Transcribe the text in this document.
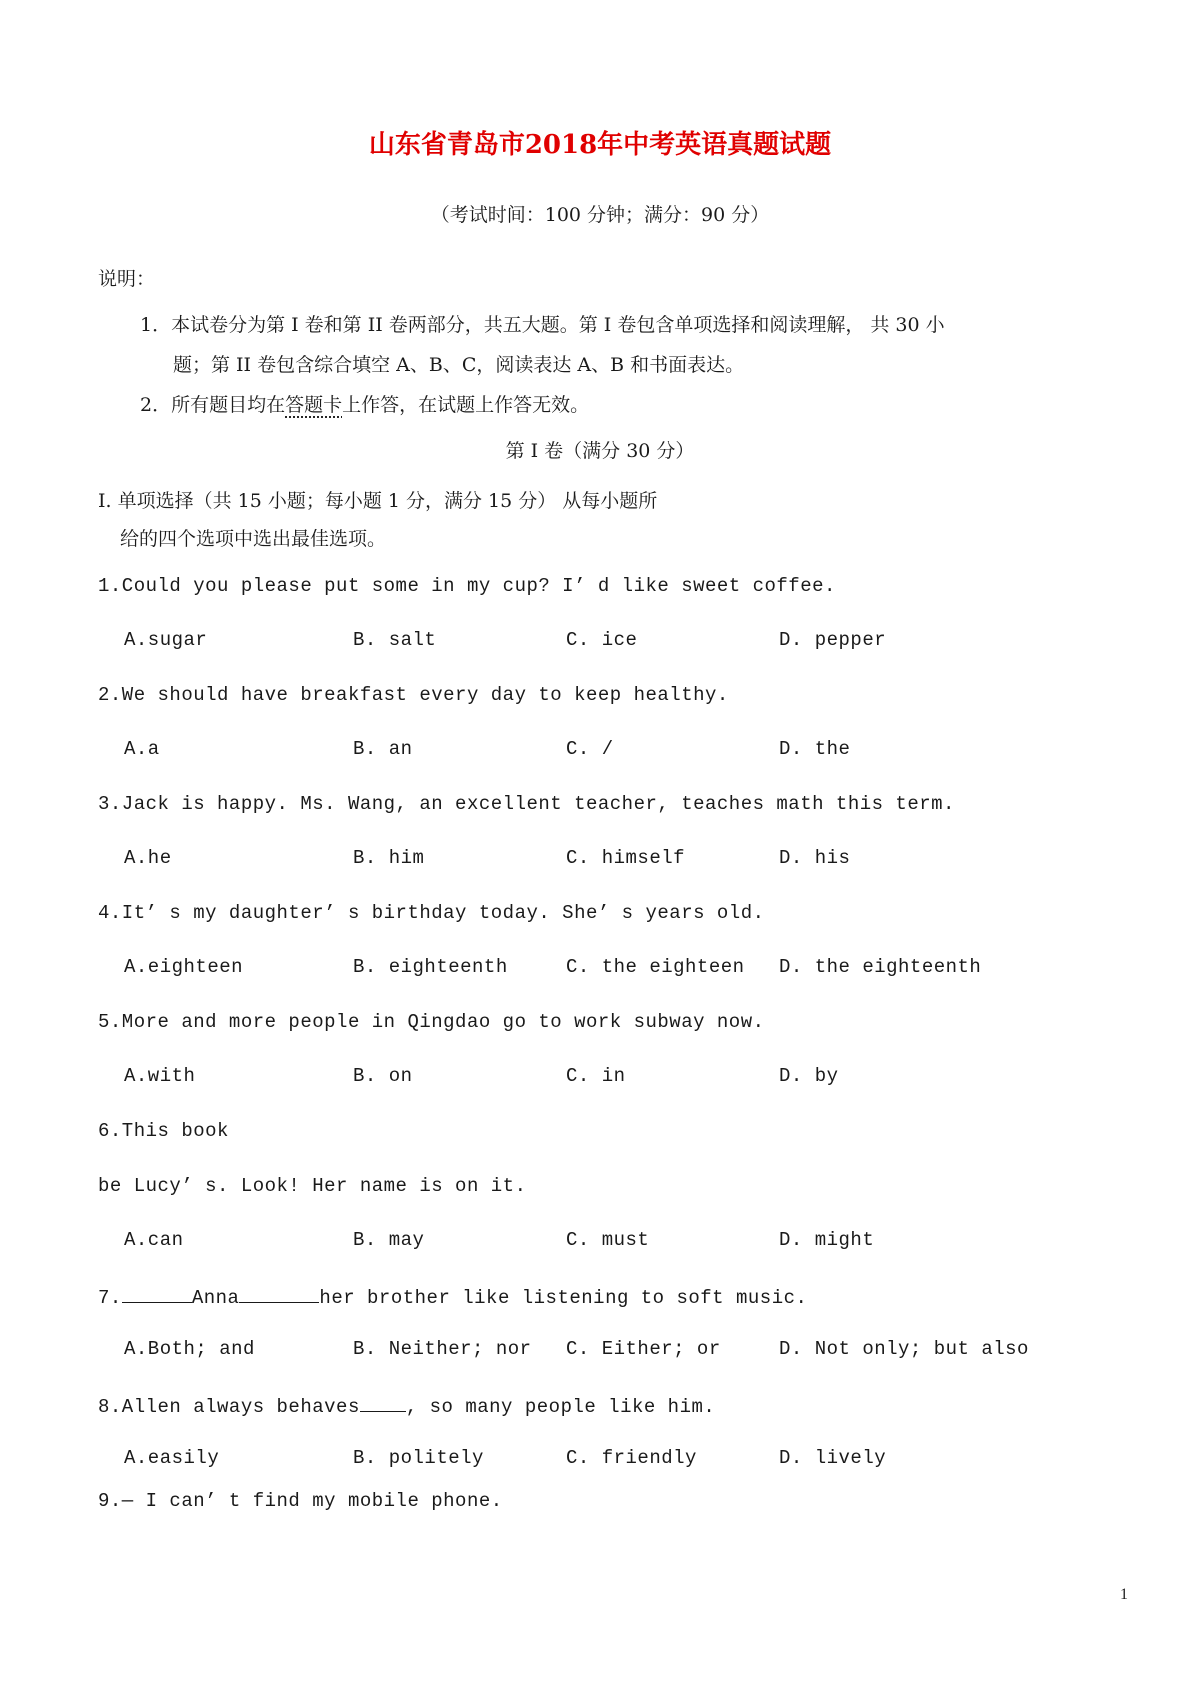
山东省青岛市2018年中考英语真题试题
（考试时间：100 分钟；满分：90 分）
说明：
1．本试卷分为第 I 卷和第 II 卷两部分，共五大题。第 I 卷包含单项选择和阅读理解， 共 30 小
题；第 II 卷包含综合填空 A、B、C，阅读表达 A、B 和书面表达。
2．所有题目均在答题卡上作答，在试题上作答无效。
第 I 卷（满分 30 分）
I. 单项选择（共 15 小题；每小题 1 分，满分 15 分） 从每小题所
给的四个选项中选出最佳选项。
1.Could you please put some in my cup? I’ d like sweet coffee.
A.sugar	B. salt	C. ice	D. pepper
2.We should have breakfast every day to keep healthy.
A.a	B. an	C. /	D. the
3.Jack is happy. Ms. Wang, an excellent teacher, teaches math this term.
A.he	B. him	C. himself	D. his
4.It’ s my daughter’ s birthday today. She’ s years old.
A.eighteen	B. eighteenth	C. the eighteen D. the eighteenth
5.More and more people in Qingdao go to work subway now.
A.with	B. on	C. in	D. by
6.This book
be Lucy’ s. Look! Her name is on it.
A.can	B. may	C. must	D. might
7.	Anna	her brother like listening to soft music.
A.Both; and	B. Neither; nor C. Either; or	D. Not only; but also
8.Allen always behaves , so many people like him.
A.easily	B. politely	C. friendly	D. lively
9.— I can’ t find my mobile phone.
1
